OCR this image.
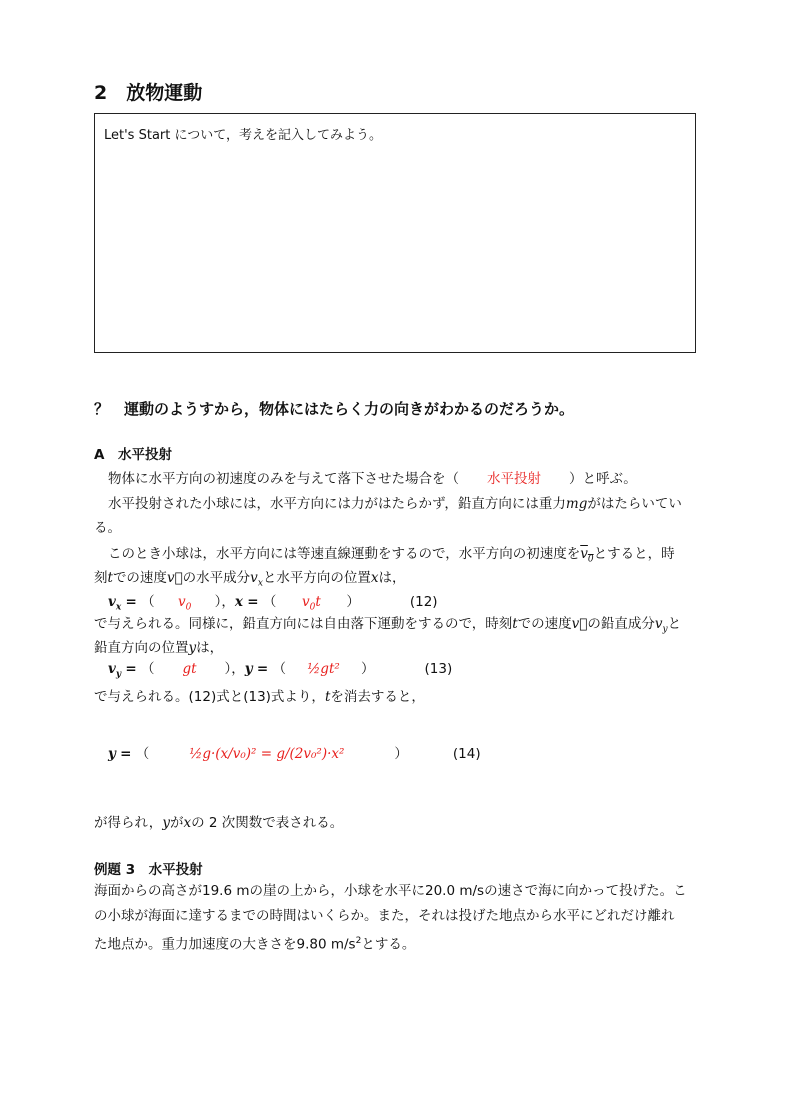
2　放物運動
Let's Start について，考えを記入してみよう。
？　運動のようすから，物体にはたらく力の向きがわかるのだろうか。
A　水平投射
物体に水平方向の初速度のみを与えて落下させた場合を（ 水平投射 ）と呼ぶ。
水平投射された小球には，水平方向には力がはたらかず，鉛直方向には重力mgがはたらいてい
る。
このとき小球は，水平方向には等速直線運動をするので，水平方向の初速度を$v_0$とすると，時
刻tでの速度v⃗の水平成分$v_x$と水平方向の位置xは，
$v_x$ = （ $v_0$ ），x = （ $v_0t$ ）	(12)
で与えられる。同様に，鉛直方向には自由落下運動をするので，時刻tでの速度v⃗の鉛直成分$v_y$と
鉛直方向の位置yは，
$v_y$ = （ gt ），y = （ ½gt² ）	(13)
で与えられる。(12)式と(13)式より，tを消去すると，
y = （	½g·(x/v₀)² = g/(2v₀²)·x²	）	(14)
が得られ，yがxの 2 次関数で表される。
例題 3　水平投射
海面からの高さが19.6 mの崖の上から，小球を水平に20.0 m/sの速さで海に向かって投げた。こ
の小球が海面に達するまでの時間はいくらか。また，それは投げた地点から水平にどれだけ離れ
た地点か。重力加速度の大きさを9.80 $m/s^2$とする。
